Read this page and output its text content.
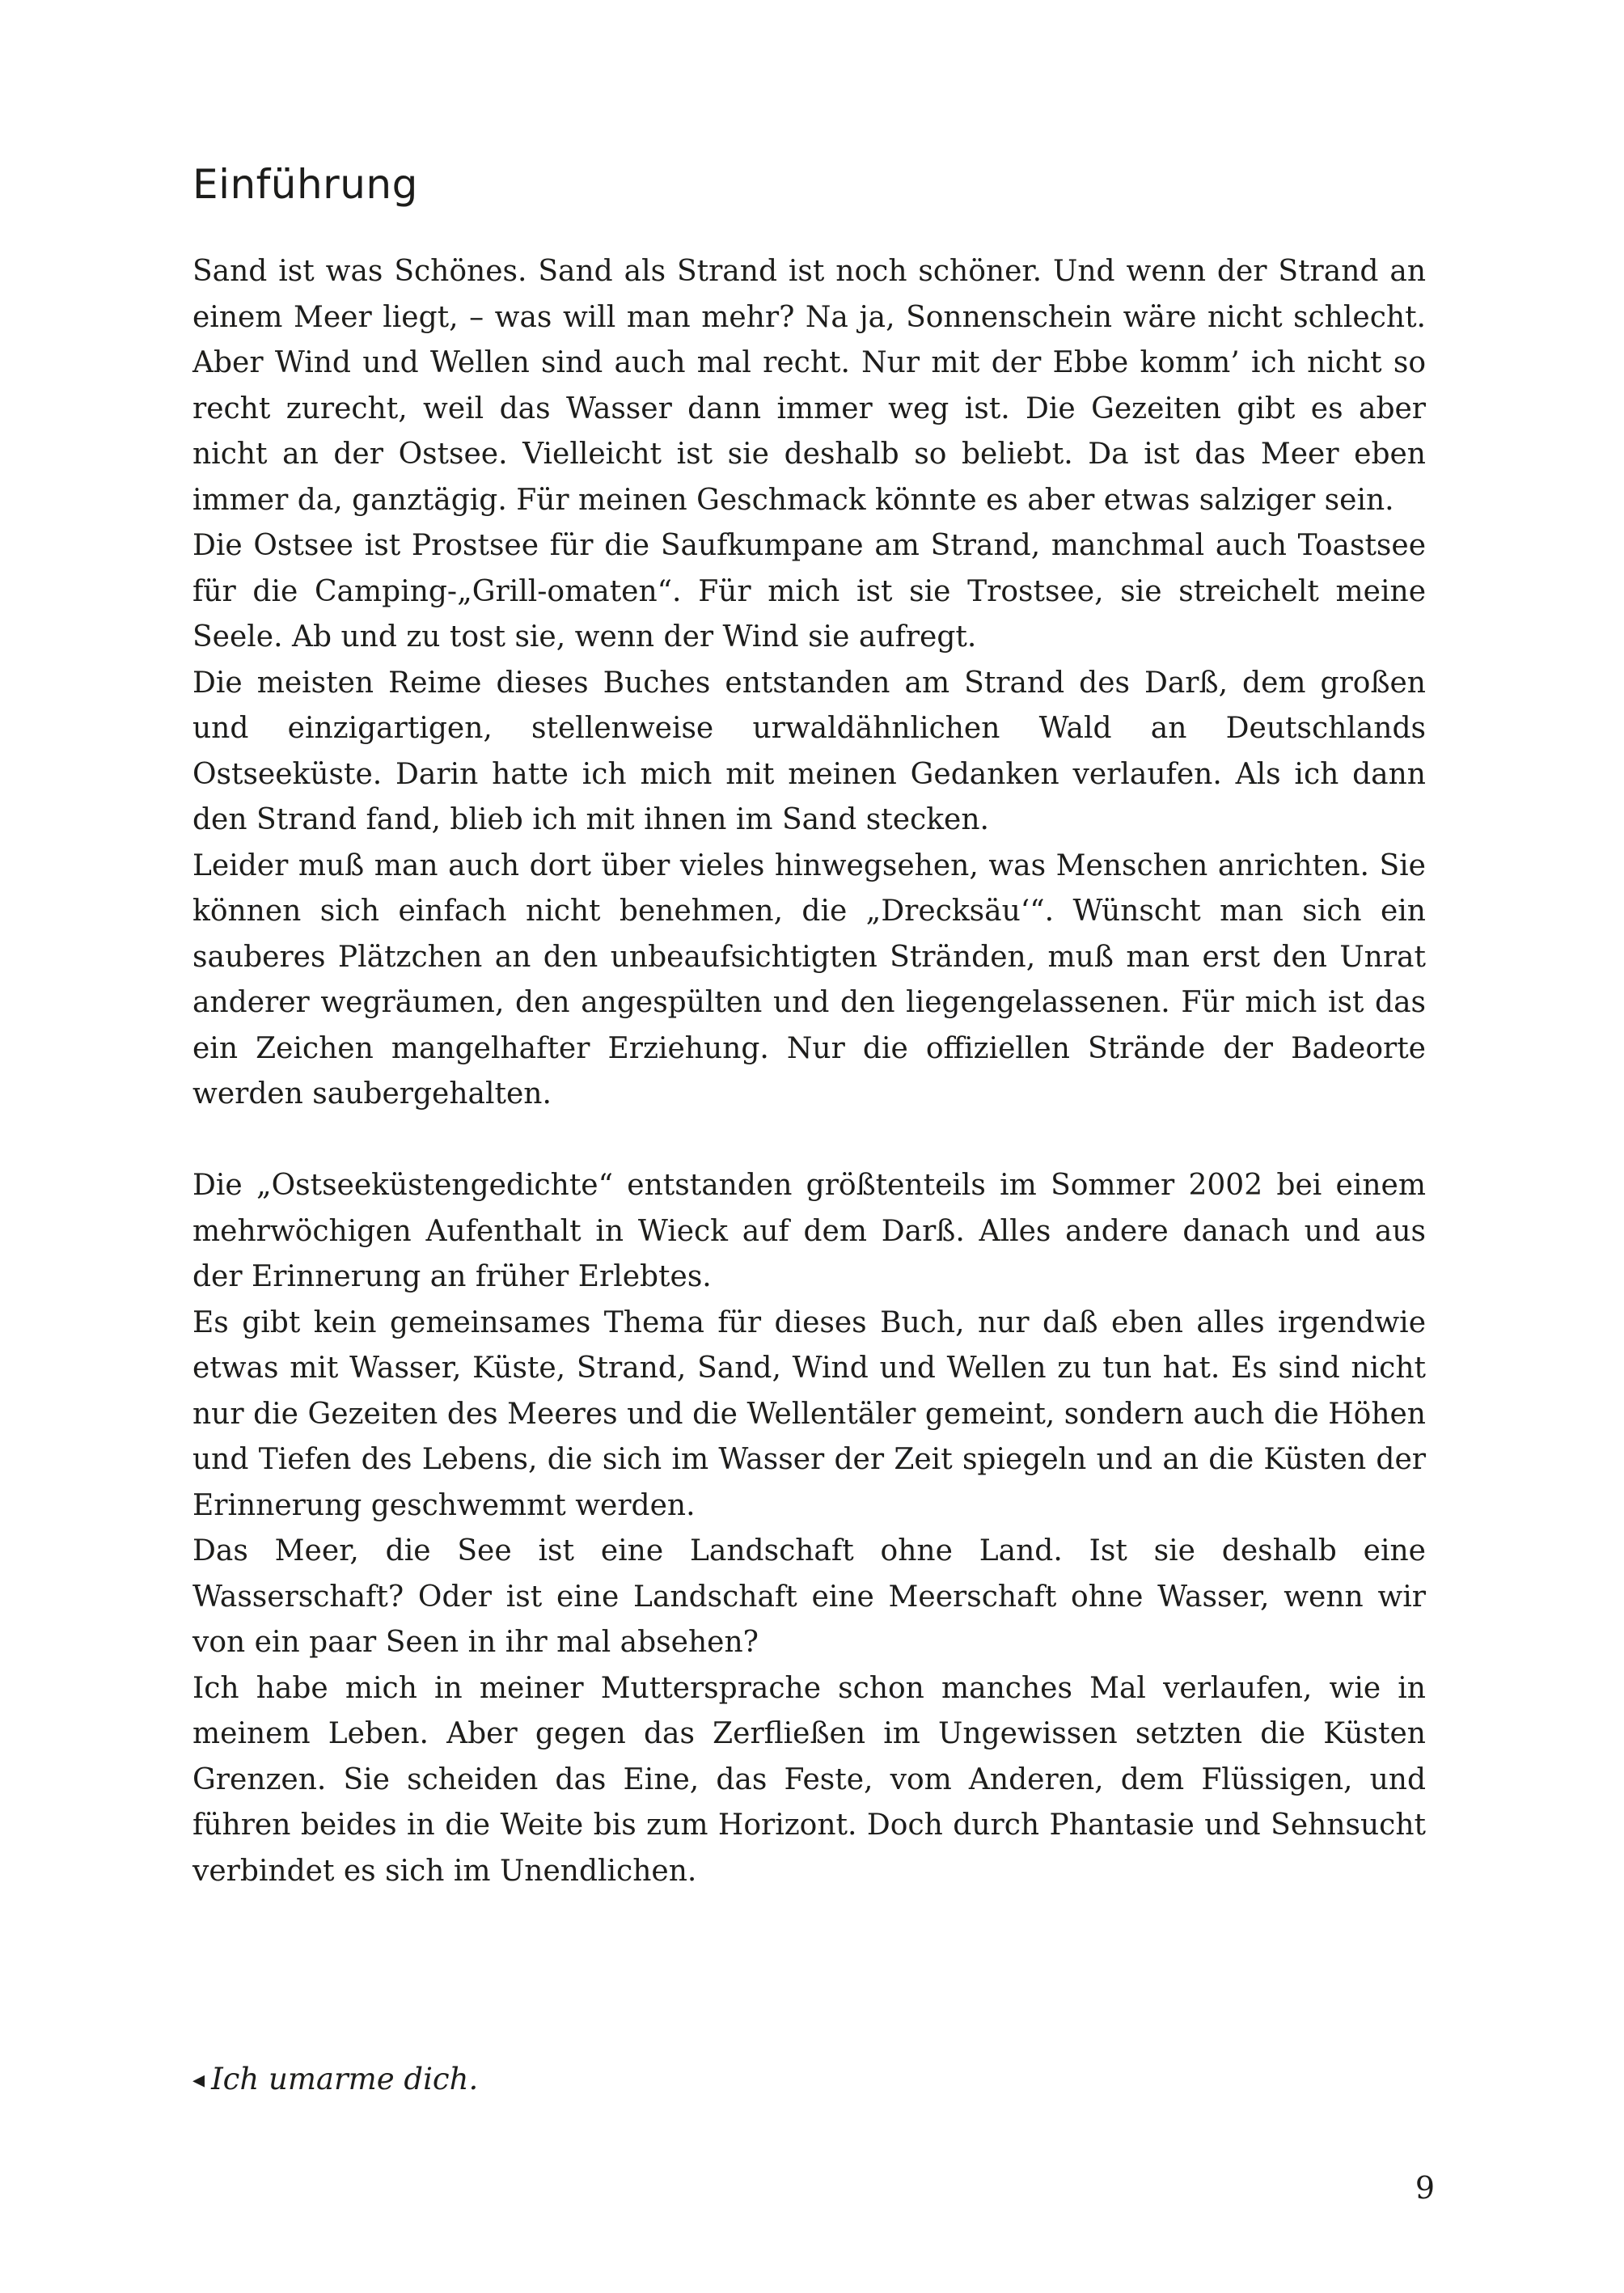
Einführung

Sand ist was Schönes. Sand als Strand ist noch schöner. Und wenn der Strand an einem Meer liegt, – was will man mehr? Na ja, Sonnenschein wäre nicht schlecht. Aber Wind und Wellen sind auch mal recht. Nur mit der Ebbe komm’ ich nicht so recht zurecht, weil das Wasser dann immer weg ist. Die Gezeiten gibt es aber nicht an der Ostsee. Vielleicht ist sie deshalb so beliebt. Da ist das Meer eben immer da, ganztägig. Für meinen Geschmack könnte es aber etwas salziger sein.

Die Ostsee ist Prostsee für die Saufkumpane am Strand, manchmal auch Toastsee für die Camping-„Grill-omaten“. Für mich ist sie Trostsee, sie streichelt meine Seele. Ab und zu tost sie, wenn der Wind sie aufregt.

Die meisten Reime dieses Buches entstanden am Strand des Darß, dem großen und einzigartigen, stellenweise urwaldähnlichen Wald an Deutschlands Ostseeküste. Darin hatte ich mich mit meinen Gedanken verlaufen. Als ich dann den Strand fand, blieb ich mit ihnen im Sand stecken.

Leider muß man auch dort über vieles hinwegsehen, was Menschen anrichten. Sie können sich einfach nicht benehmen, die „Drecksäu‘“. Wünscht man sich ein sauberes Plätzchen an den unbeaufsichtigten Stränden, muß man erst den Unrat anderer wegräumen, den angespülten und den liegengelassenen. Für mich ist das ein Zeichen mangelhafter Erziehung. Nur die offiziellen Strände der Badeorte werden saubergehalten.

Die „Ostseeküstengedichte“ entstanden größtenteils im Sommer 2002 bei einem mehrwöchigen Aufenthalt in Wieck auf dem Darß. Alles andere danach und aus der Erinnerung an früher Erlebtes.

Es gibt kein gemeinsames Thema für dieses Buch, nur daß eben alles irgendwie etwas mit Wasser, Küste, Strand, Sand, Wind und Wellen zu tun hat. Es sind nicht nur die Gezeiten des Meeres und die Wellentäler gemeint, sondern auch die Höhen und Tiefen des Lebens, die sich im Wasser der Zeit spiegeln und an die Küsten der Erinnerung geschwemmt werden.

Das Meer, die See ist eine Landschaft ohne Land. Ist sie deshalb eine Wasserschaft? Oder ist eine Landschaft eine Meerschaft ohne Wasser, wenn wir von ein paar Seen in ihr mal absehen?

Ich habe mich in meiner Muttersprache schon manches Mal verlaufen, wie in meinem Leben. Aber gegen das Zerfließen im Ungewissen setzten die Küsten Grenzen. Sie scheiden das Eine, das Feste, vom Anderen, dem Flüssigen, und führen beides in die Weite bis zum Horizont. Doch durch Phantasie und Sehnsucht verbindet es sich im Unendlichen.

◂ Ich umarme dich.

9
